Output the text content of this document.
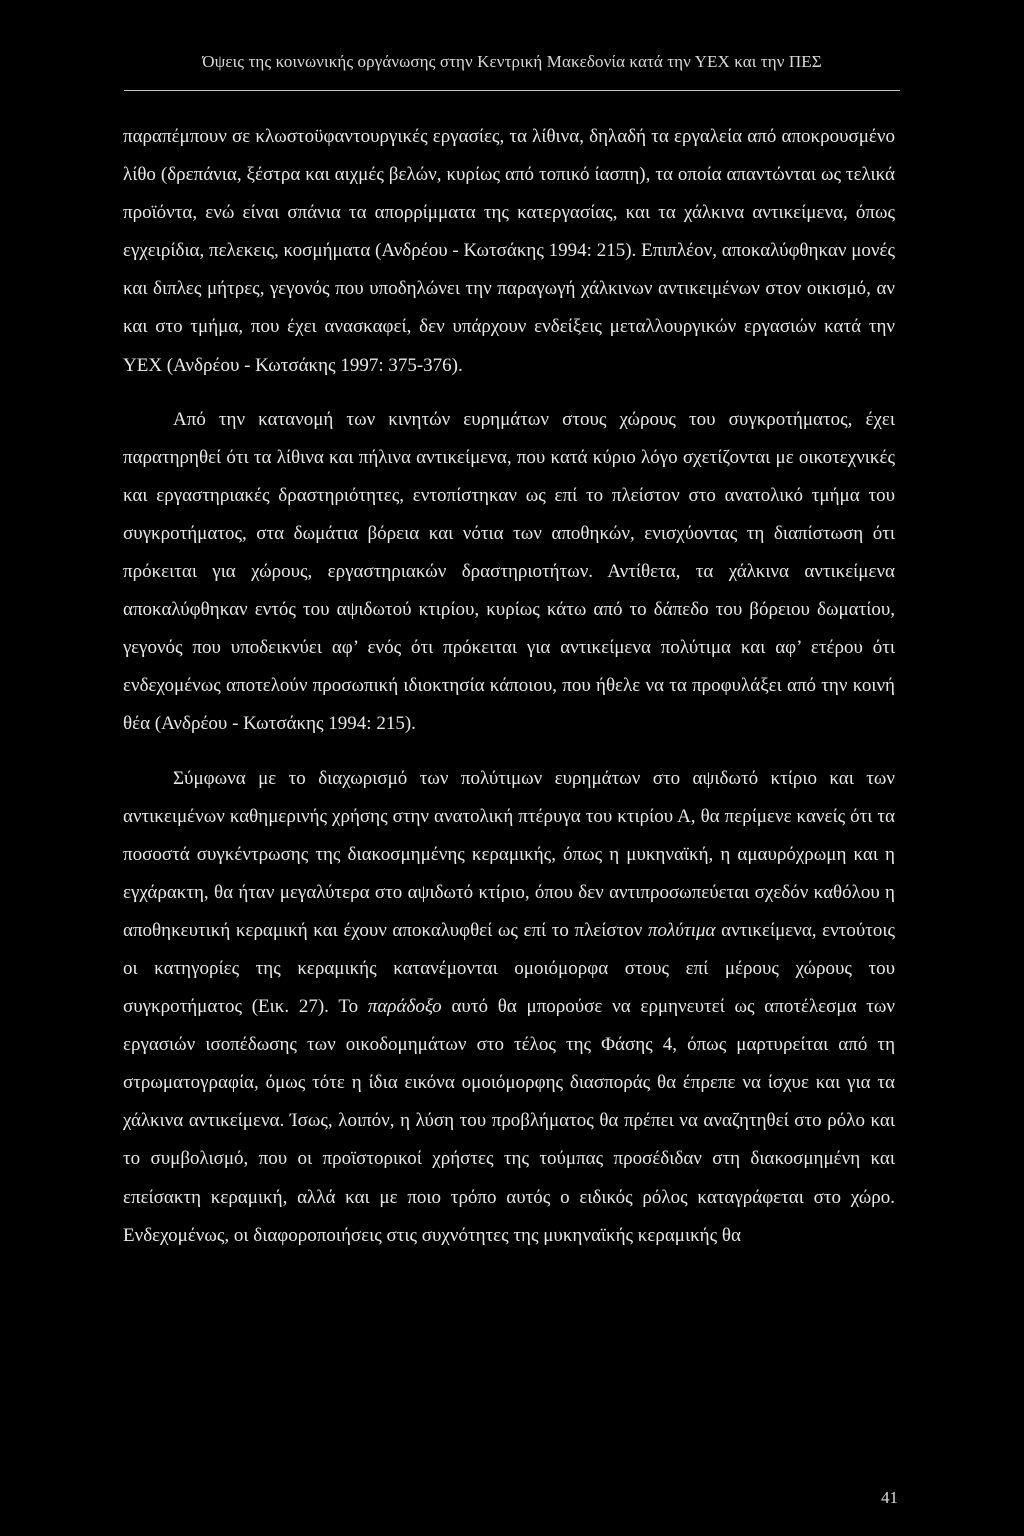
Όψεις της κοινωνικής οργάνωσης στην Κεντρική Μακεδονία κατά την ΥΕΧ και την ΠΕΣ

παραπέμπουν σε κλωστοϋφαντουργικές εργασίες, τα λίθινα, δηλαδή τα εργαλεία από αποκρουσμένο λίθο (δρεπάνια, ξέστρα και αιχμές βελών, κυρίως από τοπικό ίασπη), τα οποία απαντώνται ως τελικά προϊόντα, ενώ είναι σπάνια τα απορρίμματα της κατεργασίας, και τα χάλκινα αντικείμενα, όπως εγχειρίδια, πελεκεις, κοσμήματα (Ανδρέου - Κωτσάκης 1994: 215). Επιπλέον, αποκαλύφθηκαν μονές και διπλες μήτρες, γεγονός που υποδηλώνει την παραγωγή χάλκινων αντικειμένων στον οικισμό, αν και στο τμήμα, που έχει ανασκαφεί, δεν υπάρχουν ενδείξεις μεταλλουργικών εργασιών κατά την ΥΕΧ (Ανδρέου - Κωτσάκης 1997: 375-376).

Από την κατανομή των κινητών ευρημάτων στους χώρους του συγκροτήματος, έχει παρατηρηθεί ότι τα λίθινα και πήλινα αντικείμενα, που κατά κύριο λόγο σχετίζονται με οικοτεχνικές και εργαστηριακές δραστηριότητες, εντοπίστηκαν ως επί το πλείστον στο ανατολικό τμήμα του συγκροτήματος, στα δωμάτια βόρεια και νότια των αποθηκών, ενισχύοντας τη διαπίστωση ότι πρόκειται για χώρους, εργαστηριακών δραστηριοτήτων. Αντίθετα, τα χάλκινα αντικείμενα αποκαλύφθηκαν εντός του αψιδωτού κτιρίου, κυρίως κάτω από το δάπεδο του βόρειου δωματίου, γεγονός που υποδεικνύει αφ’ ενός ότι πρόκειται για αντικείμενα πολύτιμα και αφ’ ετέρου ότι ενδεχομένως αποτελούν προσωπική ιδιοκτησία κάποιου, που ήθελε να τα προφυλάξει από την κοινή θέα (Ανδρέου - Κωτσάκης 1994: 215).

Σύμφωνα με το διαχωρισμό των πολύτιμων ευρημάτων στο αψιδωτό κτίριο και των αντικειμένων καθημερινής χρήσης στην ανατολική πτέρυγα του κτιρίου Α, θα περίμενε κανείς ότι τα ποσοστά συγκέντρωσης της διακοσμημένης κεραμικής, όπως η μυκηναϊκή, η αμαυρόχρωμη και η εγχάρακτη, θα ήταν μεγαλύτερα στο αψιδωτό κτίριο, όπου δεν αντιπροσωπεύεται σχεδόν καθόλου η αποθηκευτική κεραμική και έχουν αποκαλυφθεί ως επί το πλείστον πολύτιμα αντικείμενα, εντούτοις οι κατηγορίες της κεραμικής κατανέμονται ομοιόμορφα στους επί μέρους χώρους του συγκροτήματος (Εικ. 27). Το παράδοξο αυτό θα μπορούσε να ερμηνευτεί ως αποτέλεσμα των εργασιών ισοπέδωσης των οικοδομημάτων στο τέλος της Φάσης 4, όπως μαρτυρείται από τη στρωματογραφία, όμως τότε η ίδια εικόνα ομοιόμορφης διασποράς θα έπρεπε να ίσχυε και για τα χάλκινα αντικείμενα. Ίσως, λοιπόν, η λύση του προβλήματος θα πρέπει να αναζητηθεί στο ρόλο και το συμβολισμό, που οι προϊστορικοί χρήστες της τούμπας προσέδιδαν στη διακοσμημένη και επείσακτη κεραμική, αλλά και με ποιο τρόπο αυτός ο ειδικός ρόλος καταγράφεται στο χώρο. Ενδεχομένως, οι διαφοροποιήσεις στις συχνότητες της μυκηναϊκής κεραμικής θα

41
